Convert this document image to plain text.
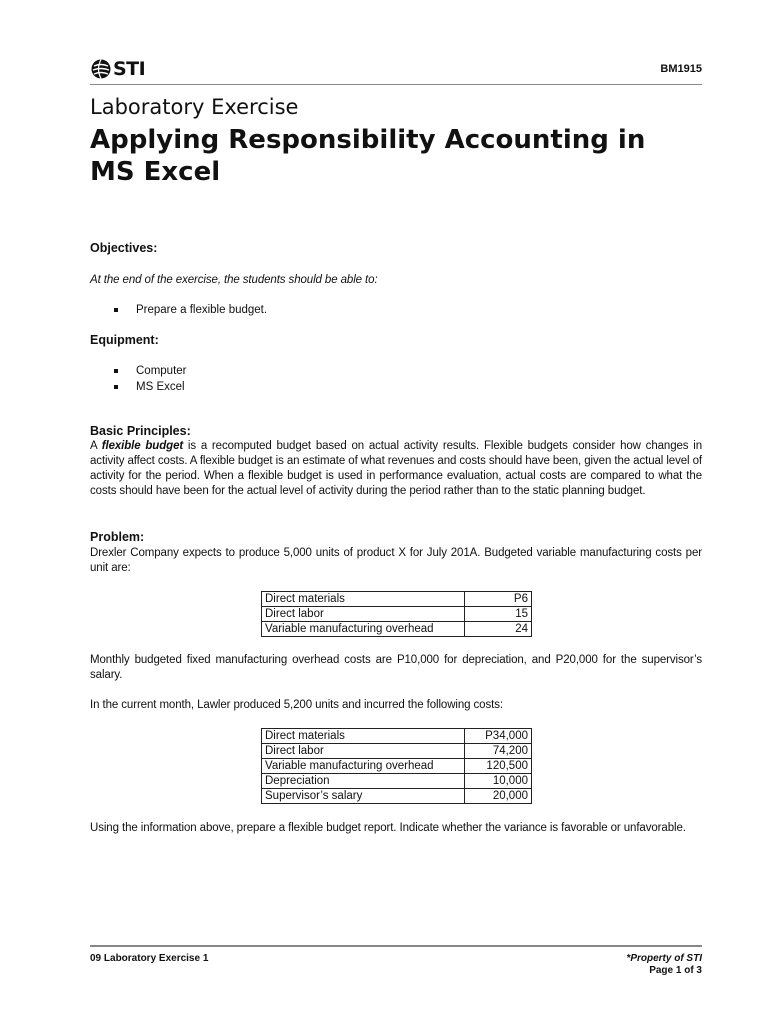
STI	BM1915
Laboratory Exercise
Applying Responsibility Accounting in MS Excel
Objectives:
At the end of the exercise, the students should be able to:
Prepare a flexible budget.
Equipment:
Computer
MS Excel
Basic Principles:
A flexible budget is a recomputed budget based on actual activity results. Flexible budgets consider how changes in activity affect costs. A flexible budget is an estimate of what revenues and costs should have been, given the actual level of activity for the period. When a flexible budget is used in performance evaluation, actual costs are compared to what the costs should have been for the actual level of activity during the period rather than to the static planning budget.
Problem:
Drexler Company expects to produce 5,000 units of product X for July 201A. Budgeted variable manufacturing costs per unit are:
Direct materials	P6
Direct labor	15
Variable manufacturing overhead	24
Monthly budgeted fixed manufacturing overhead costs are P10,000 for depreciation, and P20,000 for the supervisor’s salary.
In the current month, Lawler produced 5,200 units and incurred the following costs:
Direct materials	P34,000
Direct labor	74,200
Variable manufacturing overhead	120,500
Depreciation	10,000
Supervisor’s salary	20,000
Using the information above, prepare a flexible budget report. Indicate whether the variance is favorable or unfavorable.
09 Laboratory Exercise 1	*Property of STI
Page 1 of 3
